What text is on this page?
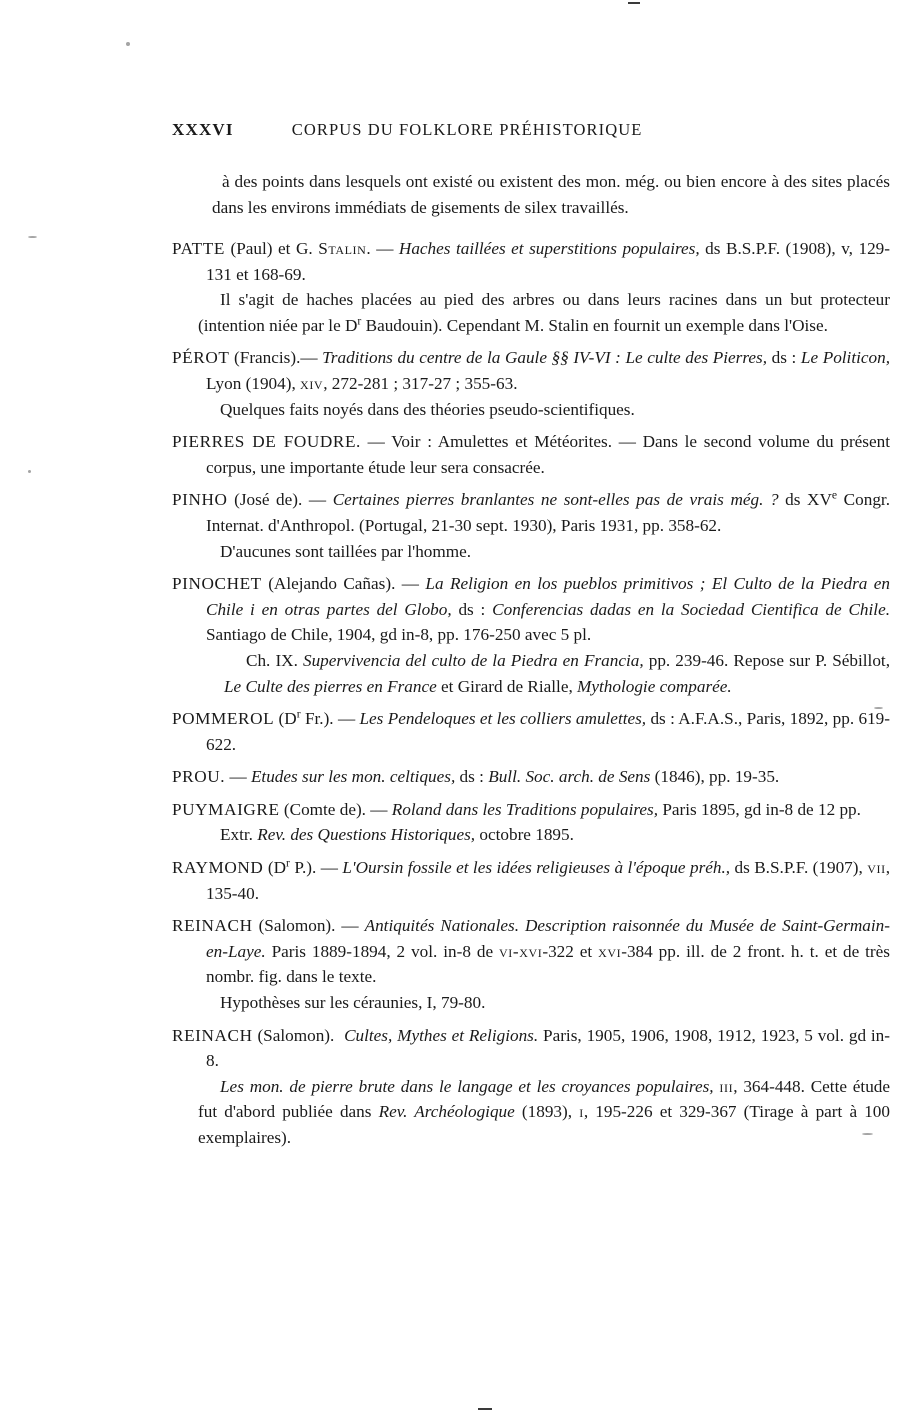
XXXVI	CORPUS DU FOLKLORE PRÉHISTORIQUE

à des points dans lesquels ont existé ou existent des mon. még. ou bien encore à des sites placés dans les environs immédiats de gisements de silex travaillés.

PATTE (Paul) et G. Stalin. — Haches taillées et superstitions populaires, ds B.S.P.F. (1908), v, 129-131 et 168-69.

Il s'agit de haches placées au pied des arbres ou dans leurs racines dans un but protecteur (intention niée par le $D^r$ Baudouin). Cependant M. Stalin en fournit un exemple dans l'Oise.

PÉROT (Francis).— Traditions du centre de la Gaule §§ IV-VI : Le culte des Pierres, ds : Le Politicon, Lyon (1904), xiv, 272-281 ; 317-27 ; 355-63.

Quelques faits noyés dans des théories pseudo-scientifiques.

PIERRES DE FOUDRE. — Voir : Amulettes et Météorites. — Dans le second volume du présent corpus, une importante étude leur sera consacrée.

PINHO (José de). — Certaines pierres branlantes ne sont-elles pas de vrais még. ? ds XVe Congr. Internat. d'Anthropol. (Portugal, 21-30 sept. 1930), Paris 1931, pp. 358-62.

D'aucunes sont taillées par l'homme.

PINOCHET (Alejando Cañas). — La Religion en los pueblos primitivos ; El Culto de la Piedra en Chile i en otras partes del Globo, ds : Conferencias dadas en la Sociedad Cientifica de Chile. Santiago de Chile, 1904, gd in-8, pp. 176-250 avec 5 pl.

Ch. IX. Supervivencia del culto de la Piedra en Francia, pp. 239-46. Repose sur P. Sébillot, Le Culte des pierres en France et Girard de Rialle, Mythologie comparée.

POMMEROL ($D^r$ Fr.). — Les Pendeloques et les colliers amulettes, ds : A.F.A.S., Paris, 1892, pp. 619-622.

PROU. — Etudes sur les mon. celtiques, ds : Bull. Soc. arch. de Sens (1846), pp. 19-35.

PUYMAIGRE (Comte de). — Roland dans les Traditions populaires, Paris 1895, gd in-8 de 12 pp.

Extr. Rev. des Questions Historiques, octobre 1895.

RAYMOND ($D^r$ P.). — L'Oursin fossile et les idées religieuses à l'époque préh., ds B.S.P.F. (1907), vii, 135-40.

REINACH (Salomon). — Antiquités Nationales. Description raisonnée du Musée de Saint-Germain-en-Laye. Paris 1889-1894, 2 vol. in-8 de vi-xvi-322 et xvi-384 pp. ill. de 2 front. h. t. et de très nombr. fig. dans le texte.

Hypothèses sur les céraunies, I, 79-80.

REINACH (Salomon).  Cultes, Mythes et Religions. Paris, 1905, 1906, 1908, 1912, 1923, 5 vol. gd in-8.

Les mon. de pierre brute dans le langage et les croyances populaires, iii, 364-448. Cette étude fut d'abord publiée dans Rev. Archéologique (1893), i, 195-226 et 329-367 (Tirage à part à 100 exemplaires).
